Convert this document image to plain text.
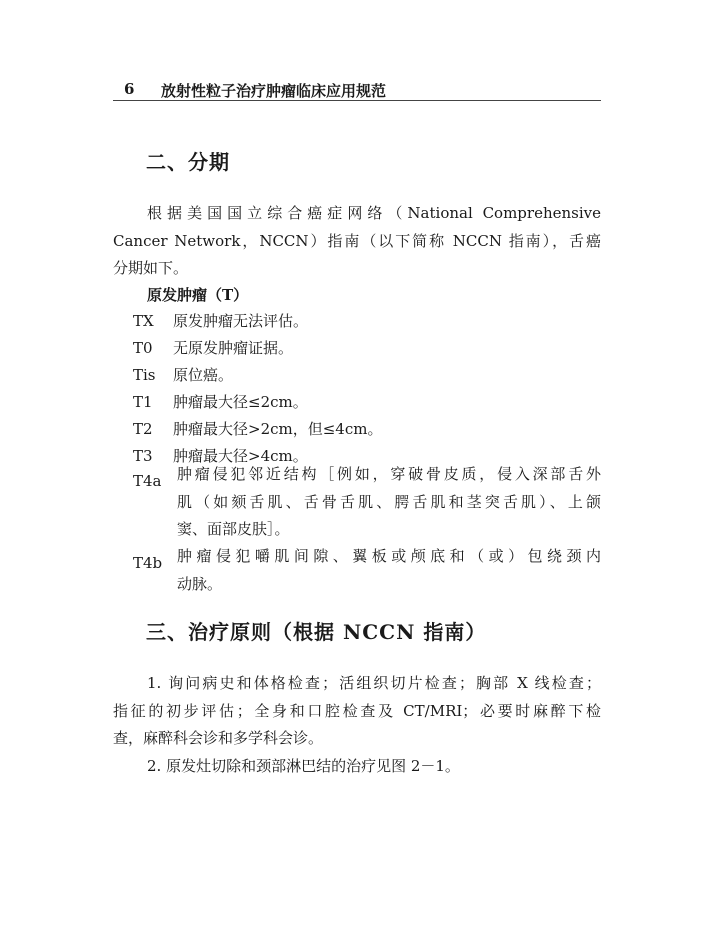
6 放射性粒子治疗肿瘤临床应用规范
二、分期
根据美国国立综合癌症网络（National Comprehensive
Cancer Network，NCCN）指南（以下简称 NCCN 指南），舌癌
分期如下。
原发肿瘤（T）
TX 原发肿瘤无法评估。
T0 无原发肿瘤证据。
Tis 原位癌。
T1 肿瘤最大径≤2cm。
T2 肿瘤最大径>2cm，但≤4cm。
T3 肿瘤最大径>4cm。
T4a	肿瘤侵犯邻近结构［例如，穿破骨皮质，侵入深部舌外
肌（如颏舌肌、舌骨舌肌、腭舌肌和茎突舌肌）、上颌
窦、面部皮肤］。
T4b 肿瘤侵犯嚼肌间隙、翼板或颅底和（或）包绕颈内
动脉。
三、治疗原则（根据 NCCN 指南）
1. 询问病史和体格检查；活组织切片检查；胸部 X 线检查；
指征的初步评估；全身和口腔检查及 CT/MRI；必要时麻醉下检
查，麻醉科会诊和多学科会诊。
2. 原发灶切除和颈部淋巴结的治疗见图 2－1。
